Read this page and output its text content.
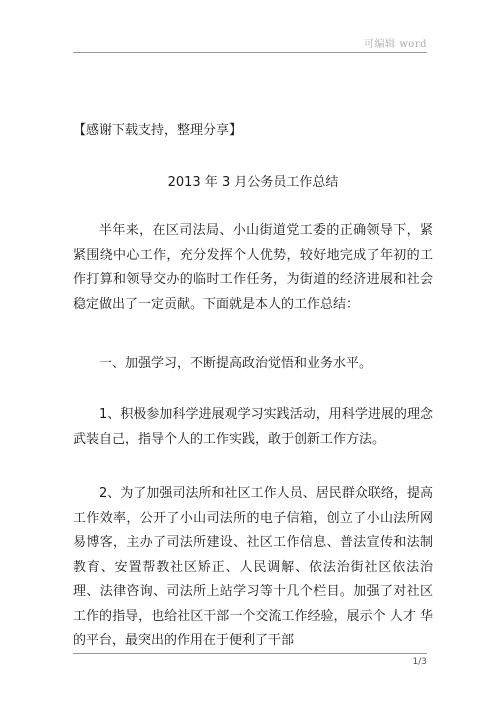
可编辑 word
【感谢下载支持，整理分享】
2013 年 3 月公务员工作总结
半年来，在区司法局、小山街道党工委的正确领导下，紧紧围绕中心工作，充分发挥个人优势，较好地完成了年初的工作打算和领导交办的临时工作任务，为街道的经济进展和社会稳定做出了一定贡献。下面就是本人的工作总结：
一、加强学习，不断提高政治觉悟和业务水平。
1、积极参加科学进展观学习实践活动，用科学进展的理念武装自己，指导个人的工作实践，敢于创新工作方法。
2、为了加强司法所和社区工作人员、居民群众联络，提高工作效率，公开了小山司法所的电子信箱，创立了小山法所网易博客，主办了司法所建设、社区工作信息、普法宣传和法制教育、安置帮教社区矫正、人民调解、依法治街社区依法治理、法律咨询、司法所上站学习等十几个栏目。加强了对社区工作的指导，也给社区干部一个交流工作经验，展示个 人才 华的平台，最突出的作用在于便利了干部
1/3
